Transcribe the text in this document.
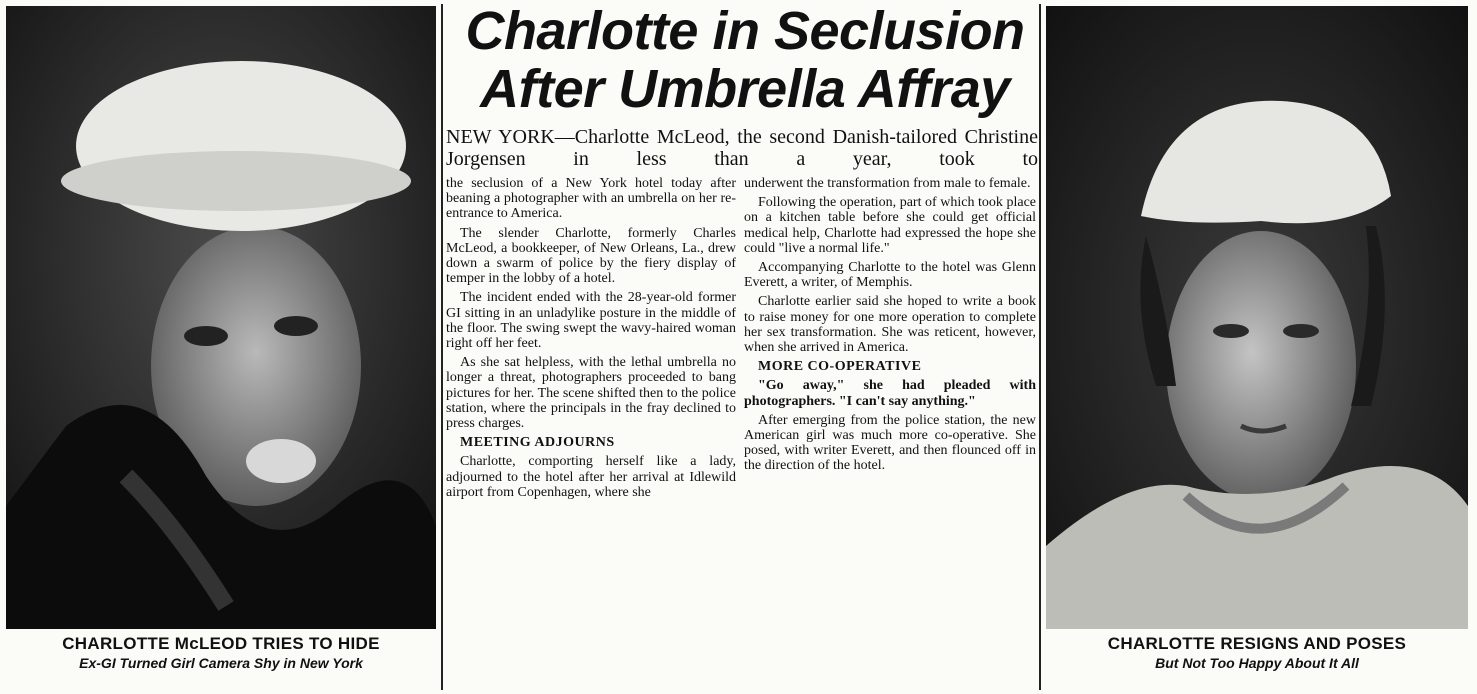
CHARLOTTE McLEOD TRIES TO HIDE
Ex-GI Turned Girl Camera Shy in New York
Charlotte in Seclusion
After Umbrella Affray
NEW YORK—Charlotte McLeod, the second Danish-tailored Christine Jorgensen in less than a year, took to

the seclusion of a New York hotel today after beaning a photographer with an umbrella on her re-entrance to America.

The slender Charlotte, formerly Charles McLeod, a bookkeeper, of New Orleans, La., drew down a swarm of police by the fiery display of temper in the lobby of a hotel.

The incident ended with the 28-year-old former GI sitting in an unladylike posture in the middle of the floor. The swing swept the wavy-haired woman right off her feet.

As she sat helpless, with the lethal umbrella no longer a threat, photographers proceeded to bang pictures for her. The scene shifted then to the police station, where the principals in the fray declined to press charges.

MEETING ADJOURNS

Charlotte, comporting herself like a lady, adjourned to the hotel after her arrival at Idlewild airport from Copenhagen, where she

underwent the transformation from male to female.

Following the operation, part of which took place on a kitchen table before she could get official medical help, Charlotte had expressed the hope she could "live a normal life."

Accompanying Charlotte to the hotel was Glenn Everett, a writer, of Memphis.

Charlotte earlier said she hoped to write a book to raise money for one more operation to complete her sex transformation. She was reticent, however, when she arrived in America.

MORE CO-OPERATIVE

"Go away," she had pleaded with photographers. "I can't say anything."

After emerging from the police station, the new American girl was much more co-operative. She posed, with writer Everett, and then flounced off in the direction of the hotel.

CHARLOTTE RESIGNS AND POSES
But Not Too Happy About It All
